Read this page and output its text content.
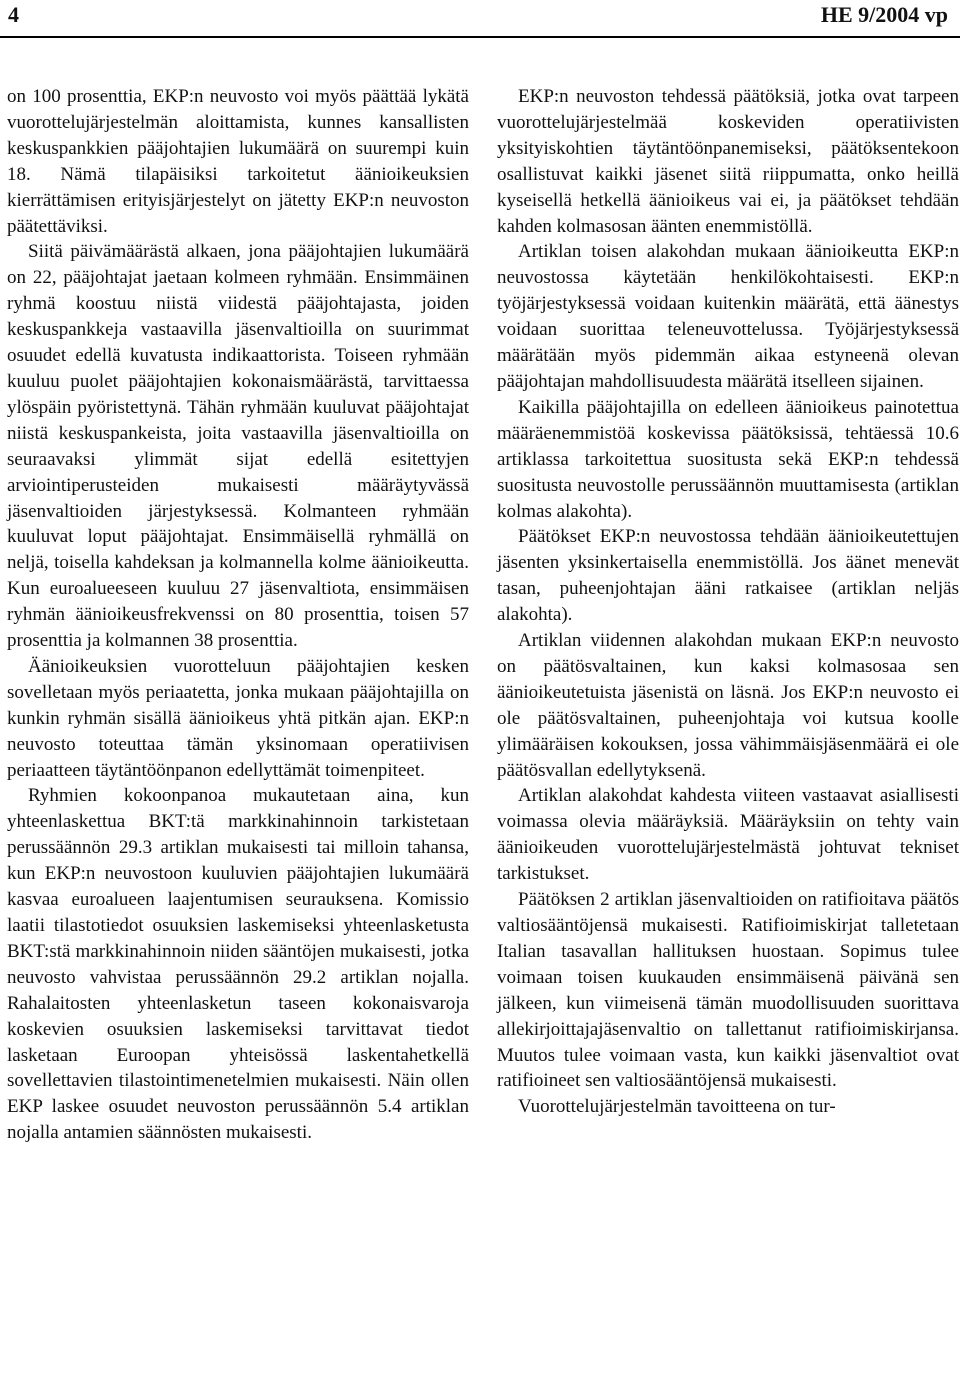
4	HE 9/2004 vp

on 100 prosenttia, EKP:n neuvosto voi myös päättää lykätä vuorottelujärjestelmän aloittamista, kunnes kansallisten keskuspankkien pääjohtajien lukumäärä on suurempi kuin 18. Nämä tilapäisiksi tarkoitetut äänioikeuksien kierrättämisen erityisjärjestelyt on jätetty EKP:n neuvoston päätettäviksi.

Siitä päivämäärästä alkaen, jona pääjohtajien lukumäärä on 22, pääjohtajat jaetaan kolmeen ryhmään. Ensimmäinen ryhmä koostuu niistä viidestä pääjohtajasta, joiden keskuspankkeja vastaavilla jäsenvaltioilla on suurimmat osuudet edellä kuvatusta indikaattorista. Toiseen ryhmään kuuluu puolet pääjohtajien kokonaismäärästä, tarvittaessa ylöspäin pyöristettynä. Tähän ryhmään kuuluvat pääjohtajat niistä keskuspankeista, joita vastaavilla jäsenvaltioilla on seuraavaksi ylimmät sijat edellä esitettyjen arviointiperusteiden mukaisesti määräytyvässä jäsenvaltioiden järjestyksessä. Kolmanteen ryhmään kuuluvat loput pääjohtajat. Ensimmäisellä ryhmällä on neljä, toisella kahdeksan ja kolmannella kolme äänioikeutta. Kun euroalueeseen kuuluu 27 jäsenvaltiota, ensimmäisen ryhmän äänioikeusfrekvenssi on 80 prosenttia, toisen 57 prosenttia ja kolmannen 38 prosenttia.

Äänioikeuksien vuorotteluun pääjohtajien kesken sovelletaan myös periaatetta, jonka mukaan pääjohtajilla on kunkin ryhmän sisällä äänioikeus yhtä pitkän ajan. EKP:n neuvosto toteuttaa tämän yksinomaan operatiivisen periaatteen täytäntöönpanon edellyttämät toimenpiteet.

Ryhmien kokoonpanoa mukautetaan aina, kun yhteenlaskettua BKT:tä markkinahinnoin tarkistetaan perussäännön 29.3 artiklan mukaisesti tai milloin tahansa, kun EKP:n neuvostoon kuuluvien pääjohtajien lukumäärä kasvaa euroalueen laajentumisen seurauksena. Komissio laatii tilastotiedot osuuksien laskemiseksi yhteenlasketusta BKT:stä markkinahinnoin niiden sääntöjen mukaisesti, jotka neuvosto vahvistaa perussäännön 29.2 artiklan nojalla. Rahalaitosten yhteenlasketun taseen kokonaisvaroja koskevien osuuksien laskemiseksi tarvittavat tiedot lasketaan Euroopan yhteisössä laskentahetkellä sovellettavien tilastointimenetelmien mukaisesti. Näin ollen EKP laskee osuudet neuvoston perussäännön 5.4 artiklan nojalla antamien säännösten mukaisesti.

EKP:n neuvoston tehdessä päätöksiä, jotka ovat tarpeen vuorottelujärjestelmää koskeviden operatiivisten yksityiskohtien täytäntöönpanemiseksi, päätöksentekoon osallistuvat kaikki jäsenet siitä riippumatta, onko heillä kyseisellä hetkellä äänioikeus vai ei, ja päätökset tehdään kahden kolmasosan äänten enemmistöllä.

Artiklan toisen alakohdan mukaan äänioikeutta EKP:n neuvostossa käytetään henkilökohtaisesti. EKP:n työjärjestyksessä voidaan kuitenkin määrätä, että äänestys voidaan suorittaa teleneuvottelussa. Työjärjestyksessä määrätään myös pidemmän aikaa estyneenä olevan pääjohtajan mahdollisuudesta määrätä itselleen sijainen.

Kaikilla pääjohtajilla on edelleen äänioikeus painotettua määräenemmistöä koskevissa päätöksissä, tehtäessä 10.6 artiklassa tarkoitettua suositusta sekä EKP:n tehdessä suositusta neuvostolle perussäännön muuttamisesta (artiklan kolmas alakohta).

Päätökset EKP:n neuvostossa tehdään äänioikeutettujen jäsenten yksinkertaisella enemmistöllä. Jos äänet menevät tasan, puheenjohtajan ääni ratkaisee (artiklan neljäs alakohta).

Artiklan viidennen alakohdan mukaan EKP:n neuvosto on päätösvaltainen, kun kaksi kolmasosaa sen äänioikeutetuista jäsenistä on läsnä. Jos EKP:n neuvosto ei ole päätösvaltainen, puheenjohtaja voi kutsua koolle ylimääräisen kokouksen, jossa vähimmäisjäsenmäärä ei ole päätösvallan edellytyksenä.

Artiklan alakohdat kahdesta viiteen vastaavat asiallisesti voimassa olevia määräyksiä. Määräyksiin on tehty vain äänioikeuden vuorottelujärjestelmästä johtuvat tekniset tarkistukset.

Päätöksen 2 artiklan jäsenvaltioiden on ratifioitava päätös valtiosääntöjensä mukaisesti. Ratifioimiskirjat talletetaan Italian tasavallan hallituksen huostaan. Sopimus tulee voimaan toisen kuukauden ensimmäisenä päivänä sen jälkeen, kun viimeisenä tämän muodollisuuden suorittava allekirjoittajajäsenvaltio on tallettanut ratifioimiskirjansa. Muutos tulee voimaan vasta, kun kaikki jäsenvaltiot ovat ratifioineet sen valtiosääntöjensä mukaisesti.

Vuorottelujärjestelmän tavoitteena on tur-
